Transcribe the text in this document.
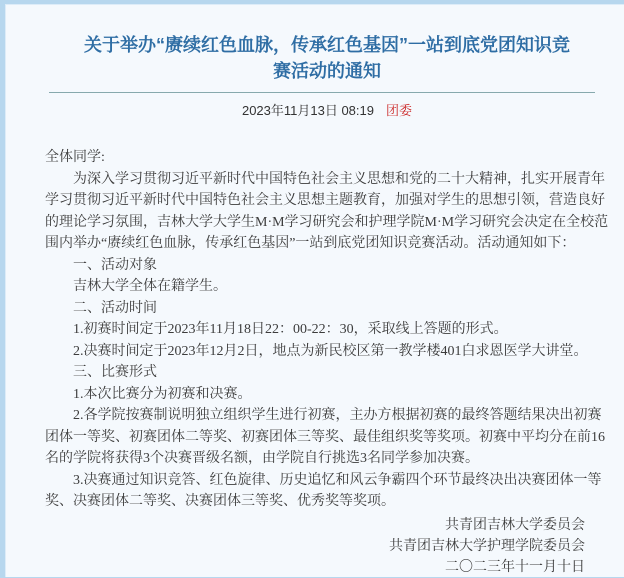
关于举办“赓续红色血脉，传承红色基因”一站到底党团知识竞
赛活动的通知
2023年11月13日 08:19 团委

全体同学:

为深入学习贯彻习近平新时代中国特色社会主义思想和党的二十大精神，扎实开展青年学习贯彻习近平新时代中国特色社会主义思想主题教育，加强对学生的思想引领，营造良好的理论学习氛围，吉林大学大学生M·M学习研究会和护理学院M·M学习研究会决定在全校范围内举办“赓续红色血脉，传承红色基因”一站到底党团知识竞赛活动。活动通知如下：

一、活动对象

吉林大学全体在籍学生。

二、活动时间

1.初赛时间定于2023年11月18日22：00-22：30，采取线上答题的形式。

2.决赛时间定于2023年12月2日，地点为新民校区第一教学楼401白求恩医学大讲堂。

三、比赛形式

1.本次比赛分为初赛和决赛。

2.各学院按赛制说明独立组织学生进行初赛，主办方根据初赛的最终答题结果决出初赛团体一等奖、初赛团体二等奖、初赛团体三等奖、最佳组织奖等奖项。初赛中平均分在前16名的学院将获得3个决赛晋级名额，由学院自行挑选3名同学参加决赛。

3.决赛通过知识竞答、红色旋律、历史追忆和风云争霸四个环节最终决出决赛团体一等奖、决赛团体二等奖、决赛团体三等奖、优秀奖等奖项。

共青团吉林大学委员会
共青团吉林大学护理学院委员会
二〇二三年十一月十日
